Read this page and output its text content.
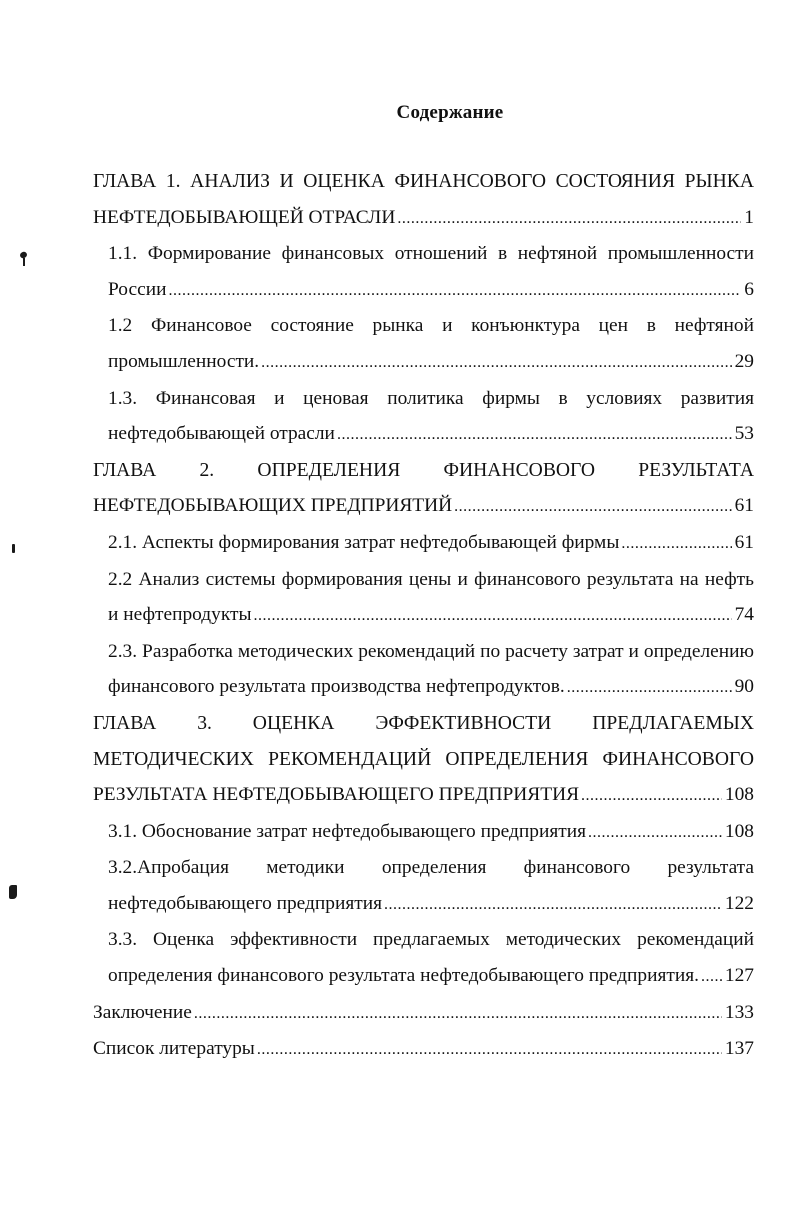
Содержание
ГЛАВА 1. АНАЛИЗ И ОЦЕНКА ФИНАНСОВОГО СОСТОЯНИЯ РЫНКА
НЕФТЕДОБЫВАЮЩЕЙ ОТРАСЛИ .....	1
1.1. Формирование финансовых отношений в нефтяной промышленности
России .....	6
1.2 Финансовое состояние рынка и конъюнктура цен в нефтяной
промышленности. .....	29
1.3. Финансовая и ценовая политика фирмы в условиях развития
нефтедобывающей отрасли .....	53
ГЛАВА 2. ОПРЕДЕЛЕНИЯ ФИНАНСОВОГО РЕЗУЛЬТАТА
НЕФТЕДОБЫВАЮЩИХ ПРЕДПРИЯТИЙ .....	61
2.1. Аспекты формирования затрат нефтедобывающей фирмы .....	61
2.2 Анализ системы формирования цены и финансового результата на нефть
и нефтепродукты .....	74
2.3. Разработка методических рекомендаций по расчету затрат и определению
финансового результата производства нефтепродуктов. .....	90
ГЛАВА 3. ОЦЕНКА ЭФФЕКТИВНОСТИ ПРЕДЛАГАЕМЫХ
МЕТОДИЧЕСКИХ РЕКОМЕНДАЦИЙ ОПРЕДЕЛЕНИЯ ФИНАНСОВОГО
РЕЗУЛЬТАТА НЕФТЕДОБЫВАЮЩЕГО ПРЕДПРИЯТИЯ .....	108
3.1. Обоснование затрат нефтедобывающего предприятия .....	108
3.2.Апробация методики определения финансового результата
нефтедобывающего предприятия .....	122
3.3. Оценка эффективности предлагаемых методических рекомендаций
определения финансового результата нефтедобывающего предприятия. ..... 127
Заключение .....	133
Список литературы .....	137
